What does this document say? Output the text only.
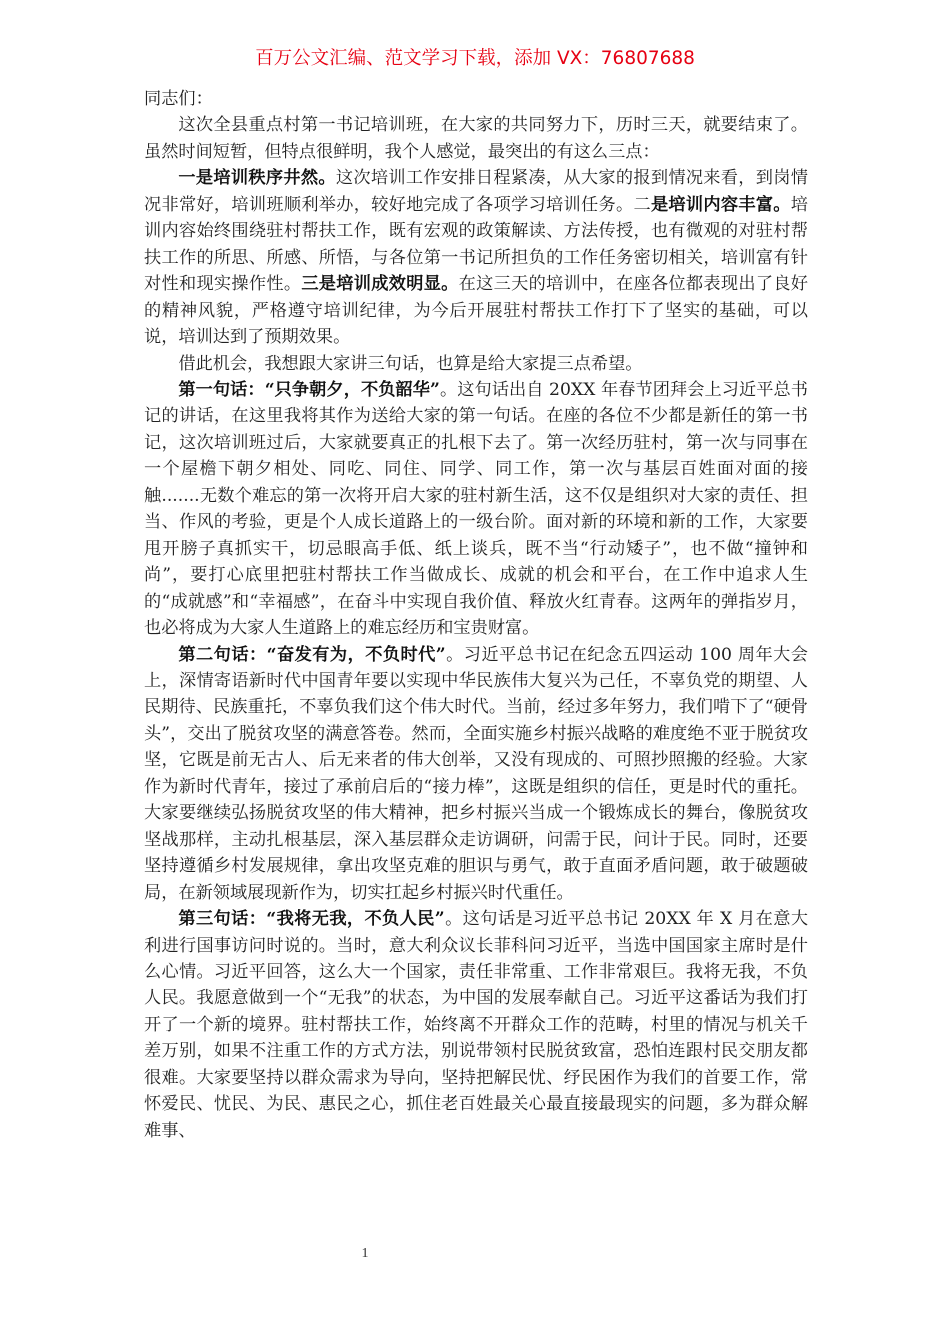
百万公文汇编、范文学习下载，添加 VX：76807688

同志们：

这次全县重点村第一书记培训班，在大家的共同努力下，历时三天，就要结束了。虽然时间短暂，但特点很鲜明，我个人感觉，最突出的有这么三点：

一是培训秩序井然。这次培训工作安排日程紧凑，从大家的报到情况来看，到岗情况非常好，培训班顺利举办，较好地完成了各项学习培训任务。二是培训内容丰富。培训内容始终围绕驻村帮扶工作，既有宏观的政策解读、方法传授，也有微观的对驻村帮扶工作的所思、所感、所悟，与各位第一书记所担负的工作任务密切相关，培训富有针对性和现实操作性。三是培训成效明显。在这三天的培训中，在座各位都表现出了良好的精神风貌，严格遵守培训纪律，为今后开展驻村帮扶工作打下了坚实的基础，可以说，培训达到了预期效果。

借此机会，我想跟大家讲三句话，也算是给大家提三点希望。

第一句话：“只争朝夕，不负韶华”。这句话出自 20XX 年春节团拜会上习近平总书记的讲话，在这里我将其作为送给大家的第一句话。在座的各位不少都是新任的第一书记，这次培训班过后，大家就要真正的扎根下去了。第一次经历驻村，第一次与同事在一个屋檐下朝夕相处、同吃、同住、同学、同工作，第一次与基层百姓面对面的接触.......无数个难忘的第一次将开启大家的驻村新生活，这不仅是组织对大家的责任、担当、作风的考验，更是个人成长道路上的一级台阶。面对新的环境和新的工作，大家要甩开膀子真抓实干，切忌眼高手低、纸上谈兵，既不当“行动矮子”，也不做“撞钟和尚”，要打心底里把驻村帮扶工作当做成长、成就的机会和平台，在工作中追求人生的“成就感”和“幸福感”，在奋斗中实现自我价值、释放火红青春。这两年的弹指岁月，也必将成为大家人生道路上的难忘经历和宝贵财富。

第二句话：“奋发有为，不负时代”。习近平总书记在纪念五四运动 100 周年大会上，深情寄语新时代中国青年要以实现中华民族伟大复兴为己任，不辜负党的期望、人民期待、民族重托，不辜负我们这个伟大时代。当前，经过多年努力，我们啃下了“硬骨头”，交出了脱贫攻坚的满意答卷。然而，全面实施乡村振兴战略的难度绝不亚于脱贫攻坚，它既是前无古人、后无来者的伟大创举，又没有现成的、可照抄照搬的经验。大家作为新时代青年，接过了承前启后的“接力棒”，这既是组织的信任，更是时代的重托。大家要继续弘扬脱贫攻坚的伟大精神，把乡村振兴当成一个锻炼成长的舞台，像脱贫攻坚战那样，主动扎根基层，深入基层群众走访调研，问需于民，问计于民。同时，还要坚持遵循乡村发展规律，拿出攻坚克难的胆识与勇气，敢于直面矛盾问题，敢于破题破局，在新领域展现新作为，切实扛起乡村振兴时代重任。

第三句话：“我将无我，不负人民”。这句话是习近平总书记 20XX 年 X 月在意大利进行国事访问时说的。当时，意大利众议长菲科问习近平，当选中国国家主席时是什么心情。习近平回答，这么大一个国家，责任非常重、工作非常艰巨。我将无我，不负人民。我愿意做到一个“无我”的状态，为中国的发展奉献自己。习近平这番话为我们打开了一个新的境界。驻村帮扶工作，始终离不开群众工作的范畴，村里的情况与机关千差万别，如果不注重工作的方式方法，别说带领村民脱贫致富，恐怕连跟村民交朋友都很难。大家要坚持以群众需求为导向，坚持把解民忧、纾民困作为我们的首要工作，常怀爱民、忧民、为民、惠民之心，抓住老百姓最关心最直接最现实的问题，多为群众解难事、

1
